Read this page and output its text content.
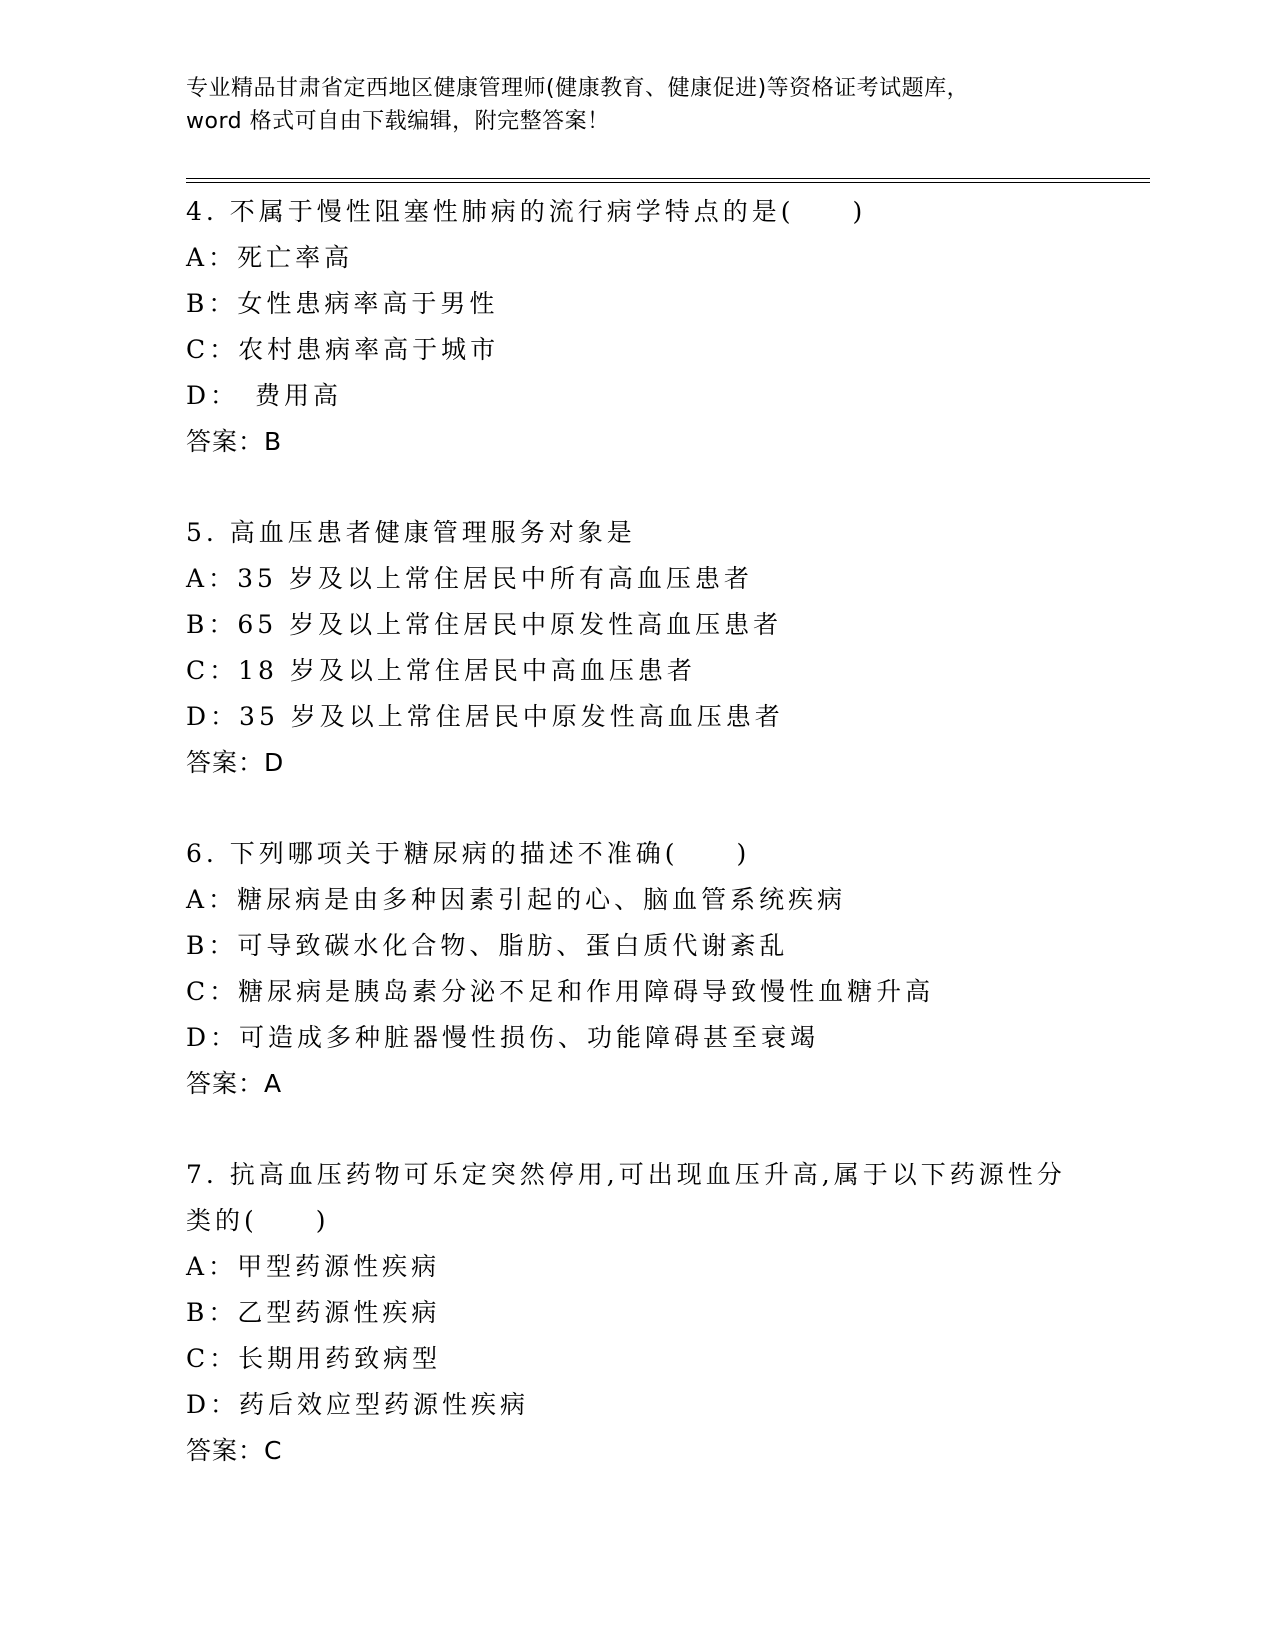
专业精品甘肃省定西地区健康管理师(健康教育、健康促进)等资格证考试题库，
word 格式可自由下载编辑，附完整答案！
4. 不属于慢性阻塞性肺病的流行病学特点的是(　　)
A：死亡率高
B：女性患病率高于男性
C：农村患病率高于城市
D： 费用高
答案：B
5. 高血压患者健康管理服务对象是
A：35 岁及以上常住居民中所有高血压患者
B：65 岁及以上常住居民中原发性高血压患者
C：18 岁及以上常住居民中高血压患者
D：35 岁及以上常住居民中原发性高血压患者
答案：D
6. 下列哪项关于糖尿病的描述不准确(　　)
A：糖尿病是由多种因素引起的心、脑血管系统疾病
B：可导致碳水化合物、脂肪、蛋白质代谢紊乱
C：糖尿病是胰岛素分泌不足和作用障碍导致慢性血糖升高
D：可造成多种脏器慢性损伤、功能障碍甚至衰竭
答案：A
7. 抗高血压药物可乐定突然停用,可出现血压升高,属于以下药源性分
类的(　　)
A：甲型药源性疾病
B：乙型药源性疾病
C：长期用药致病型
D：药后效应型药源性疾病
答案：C
